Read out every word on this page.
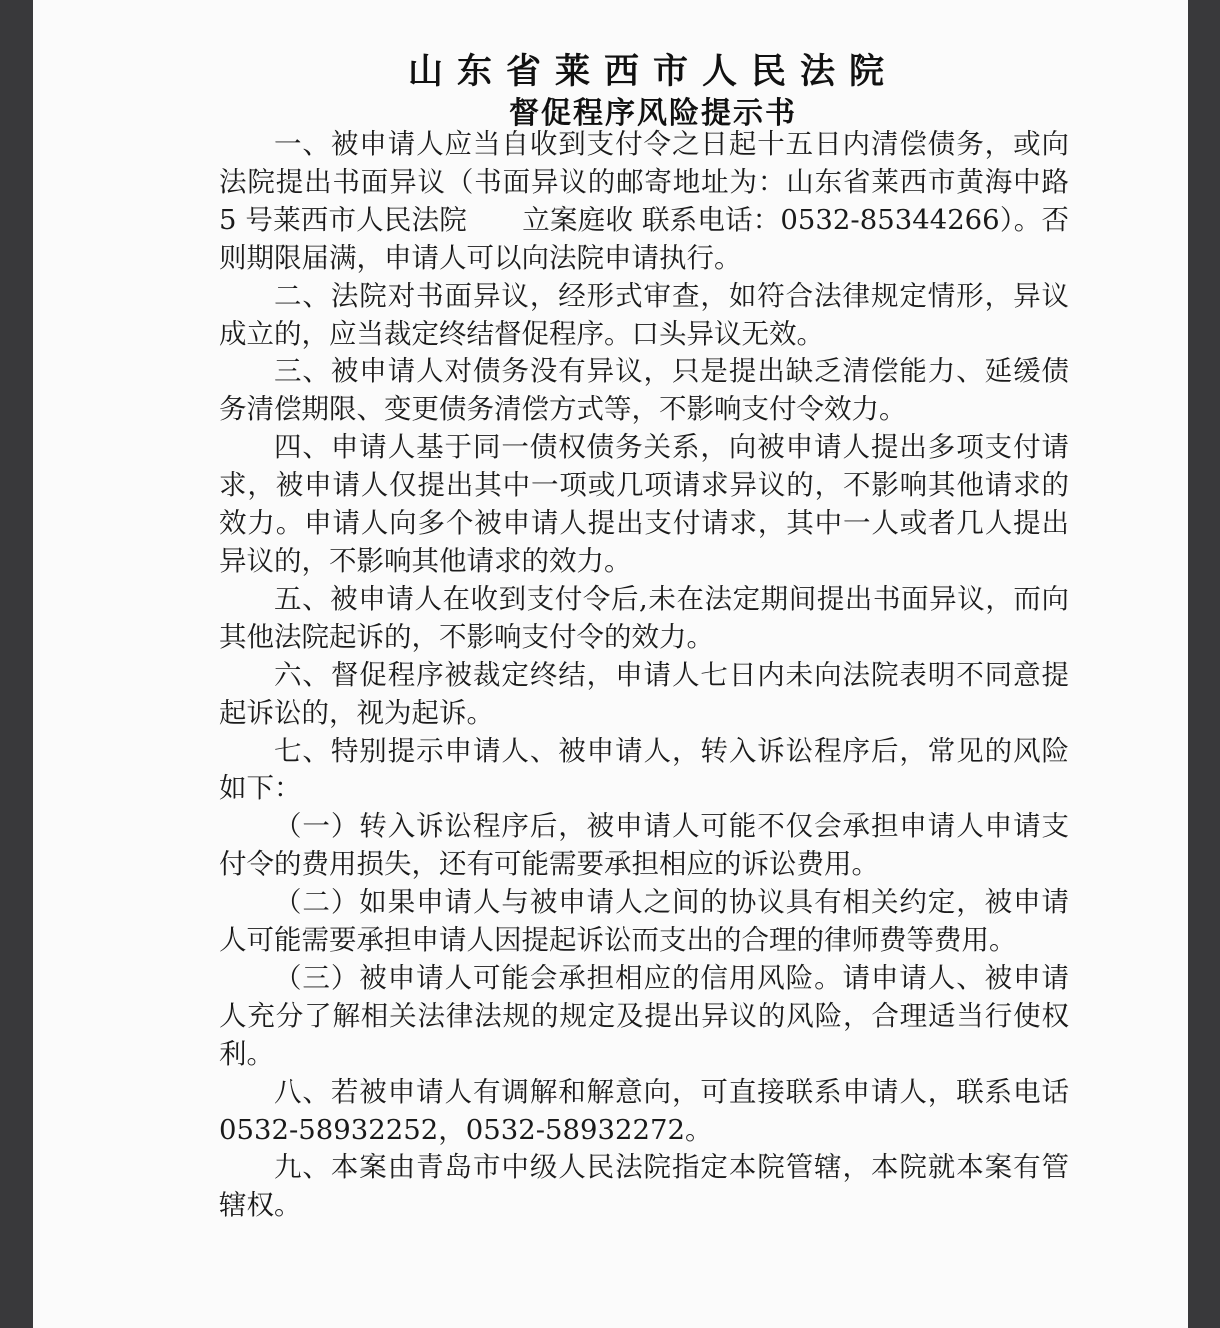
山东省莱西市人民法院
督促程序风险提示书

一、被申请人应当自收到支付令之日起十五日内清偿债务，或向法院提出书面异议（书面异议的邮寄地址为：山东省莱西市黄海中路 5 号莱西市人民法院　　立案庭收 联系电话：0532-85344266）。否则期限届满，申请人可以向法院申请执行。

二、法院对书面异议，经形式审查，如符合法律规定情形，异议成立的，应当裁定终结督促程序。口头异议无效。

三、被申请人对债务没有异议，只是提出缺乏清偿能力、延缓债务清偿期限、变更债务清偿方式等，不影响支付令效力。

四、申请人基于同一债权债务关系，向被申请人提出多项支付请求，被申请人仅提出其中一项或几项请求异议的，不影响其他请求的效力。申请人向多个被申请人提出支付请求，其中一人或者几人提出异议的，不影响其他请求的效力。

五、被申请人在收到支付令后,未在法定期间提出书面异议，而向其他法院起诉的，不影响支付令的效力。

六、督促程序被裁定终结，申请人七日内未向法院表明不同意提起诉讼的，视为起诉。

七、特别提示申请人、被申请人，转入诉讼程序后，常见的风险如下：

（一）转入诉讼程序后，被申请人可能不仅会承担申请人申请支付令的费用损失，还有可能需要承担相应的诉讼费用。

（二）如果申请人与被申请人之间的协议具有相关约定，被申请人可能需要承担申请人因提起诉讼而支出的合理的律师费等费用。

（三）被申请人可能会承担相应的信用风险。请申请人、被申请人充分了解相关法律法规的规定及提出异议的风险，合理适当行使权利。

八、若被申请人有调解和解意向，可直接联系申请人，联系电话 0532-58932252，0532-58932272。

九、本案由青岛市中级人民法院指定本院管辖，本院就本案有管辖权。
